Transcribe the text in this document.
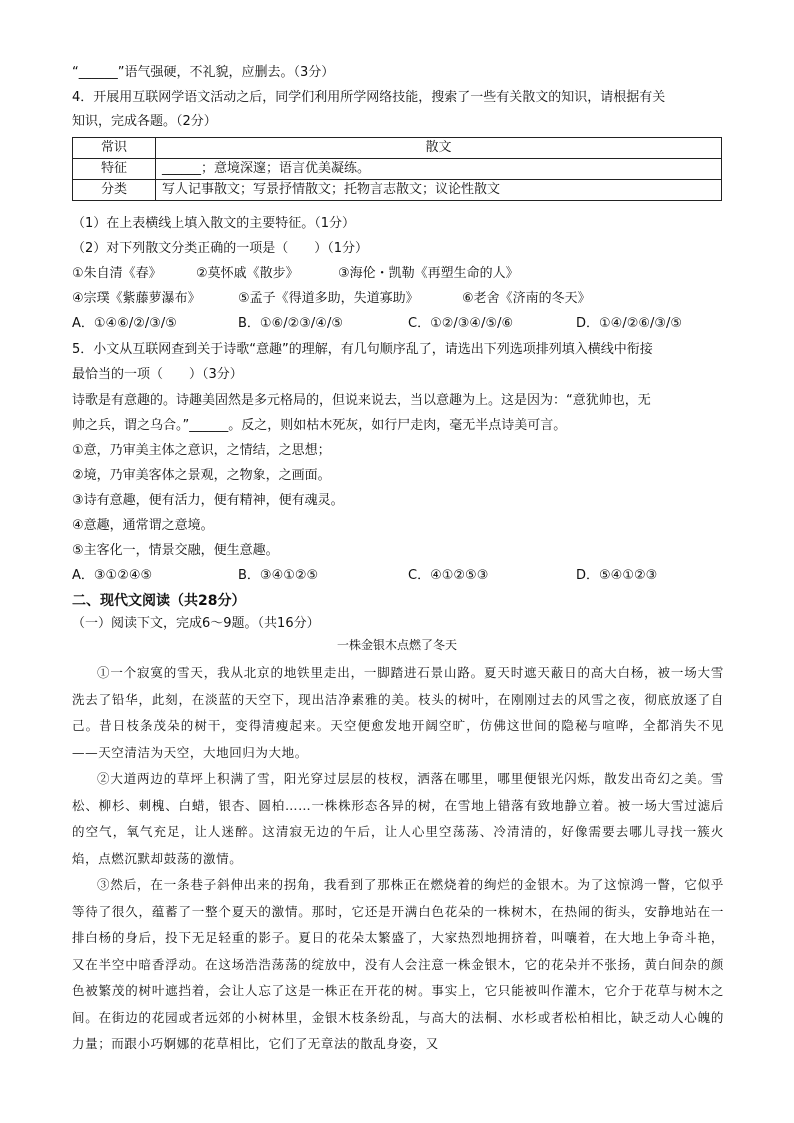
“______”语气强硬，不礼貌，应删去。（3分）
4．开展用互联网学语文活动之后，同学们利用所学网络技能，搜索了一些有关散文的知识，请根据有关
知识，完成各题。（2分）
常识	散文
特征	______；意境深邃；语言优美凝练。
分类	写人记事散文；写景抒情散文；托物言志散文；议论性散文
（1）在上表横线上填入散文的主要特征。（1分）
（2）对下列散文分类正确的一项是（　　）（1分）
①朱自清《春》	②莫怀戚《散步》	③海伦・凯勒《再塑生命的人》
④宗璞《紫藤萝瀑布》	⑤孟子《得道多助，失道寡助》	⑥老舍《济南的冬天》
A．①④⑥/②/③/⑤	B．①⑥/②③/④/⑤	C．①②/③④/⑤/⑥	D．①④/②⑥/③/⑤
5．小文从互联网查到关于诗歌“意趣”的理解，有几句顺序乱了，请选出下列选项排列填入横线中衔接
最恰当的一项（　　）（3分）
诗歌是有意趣的。诗趣美固然是多元格局的，但说来说去，当以意趣为上。这是因为：“意犹帅也，无
帅之兵，谓之乌合。”______。反之，则如枯木死灰，如行尸走肉，毫无半点诗美可言。
①意，乃审美主体之意识，之情结，之思想；
②境，乃审美客体之景观，之物象，之画面。
③诗有意趣，便有活力，便有精神，便有魂灵。
④意趣，通常谓之意境。
⑤主客化一，情景交融，便生意趣。
A．③①②④⑤	B．③④①②⑤	C．④①②⑤③	D．⑤④①②③
二、现代文阅读（共28分）
（一）阅读下文，完成6～9题。（共16分）
一株金银木点燃了冬天

①一个寂寞的雪天，我从北京的地铁里走出，一脚踏进石景山路。夏天时遮天蔽日的高大白杨，被一场大雪洗去了铅华，此刻，在淡蓝的天空下，现出洁净素雅的美。枝头的树叶，在刚刚过去的风雪之夜，彻底放逐了自己。昔日枝条茂朵的树干，变得清瘦起来。天空便愈发地开阔空旷，仿佛这世间的隐秘与喧哗，全都消失不见——天空清洁为天空，大地回归为大地。

②大道两边的草坪上积满了雪，阳光穿过层层的枝杈，洒落在哪里，哪里便银光闪烁，散发出奇幻之美。雪松、柳杉、刺槐、白蜡，银杏、圆柏……一株株形态各异的树，在雪地上错落有致地静立着。被一场大雪过滤后的空气，氧气充足，让人迷醉。这清寂无边的午后，让人心里空荡荡、冷清清的，好像需要去哪儿寻找一簇火焰，点燃沉默却鼓荡的激情。

③然后，在一条巷子斜伸出来的拐角，我看到了那株正在燃烧着的绚烂的金银木。为了这惊鸿一瞥，它似乎等待了很久，蕴蓄了一整个夏天的激情。那时，它还是开满白色花朵的一株树木，在热闹的街头，安静地站在一排白杨的身后，投下无足轻重的影子。夏日的花朵太繁盛了，大家热烈地拥挤着，叫嚷着，在大地上争奇斗艳，又在半空中暗香浮动。在这场浩浩荡荡的绽放中，没有人会注意一株金银木，它的花朵并不张扬，黄白间杂的颜色被繁茂的树叶遮挡着，会让人忘了这是一株正在开花的树。事实上，它只能被叫作灌木，它介于花草与树木之间。在街边的花园或者远郊的小树林里，金银木枝条纷乱，与高大的法桐、水杉或者松柏相比，缺乏动人心魄的力量；而跟小巧婀娜的花草相比，它们了无章法的散乱身姿，又
